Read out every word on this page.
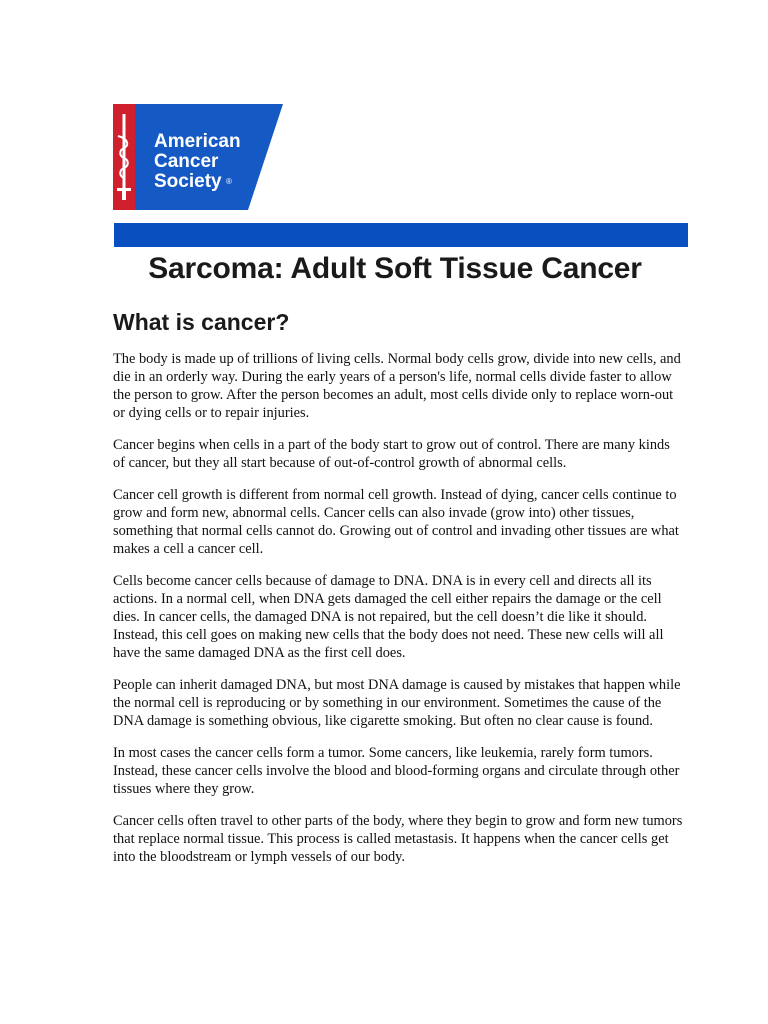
American
Cancer
Society ®
Sarcoma: Adult Soft Tissue Cancer
What is cancer?

The body is made up of trillions of living cells. Normal body cells grow, divide into new cells, and die in an orderly way. During the early years of a person's life, normal cells divide faster to allow the person to grow. After the person becomes an adult, most cells divide only to replace worn-out or dying cells or to repair injuries.

Cancer begins when cells in a part of the body start to grow out of control. There are many kinds of cancer, but they all start because of out-of-control growth of abnormal cells.

Cancer cell growth is different from normal cell growth. Instead of dying, cancer cells continue to grow and form new, abnormal cells. Cancer cells can also invade (grow into) other tissues, something that normal cells cannot do. Growing out of control and invading other tissues are what makes a cell a cancer cell.

Cells become cancer cells because of damage to DNA. DNA is in every cell and directs all its actions. In a normal cell, when DNA gets damaged the cell either repairs the damage or the cell dies. In cancer cells, the damaged DNA is not repaired, but the cell doesn’t die like it should. Instead, this cell goes on making new cells that the body does not need. These new cells will all have the same damaged DNA as the first cell does.

People can inherit damaged DNA, but most DNA damage is caused by mistakes that happen while the normal cell is reproducing or by something in our environment. Sometimes the cause of the DNA damage is something obvious, like cigarette smoking. But often no clear cause is found.

In most cases the cancer cells form a tumor. Some cancers, like leukemia, rarely form tumors. Instead, these cancer cells involve the blood and blood-forming organs and circulate through other tissues where they grow.

Cancer cells often travel to other parts of the body, where they begin to grow and form new tumors that replace normal tissue. This process is called metastasis. It happens when the cancer cells get into the bloodstream or lymph vessels of our body.
